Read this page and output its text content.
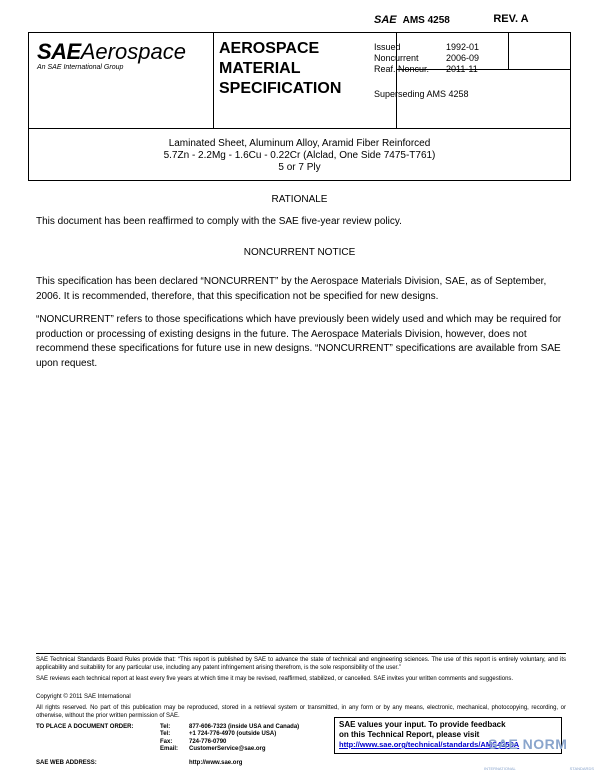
SAEAerospace
An SAE International Group
AEROSPACE
MATERIAL
SPECIFICATION
SAE AMS 4258	REV. A
Issued	1992-01
Noncurrent	2006-09
Reaf. Noncur.	2011-11
Superseding AMS 4258
Laminated Sheet, Aluminum Alloy, Aramid Fiber Reinforced
5.7Zn - 2.2Mg - 1.6Cu - 0.22Cr (Alclad, One Side 7475-T761)
5 or 7 Ply
RATIONALE

This document has been reaffirmed to comply with the SAE five-year review policy.

NONCURRENT NOTICE

This specification has been declared “NONCURRENT” by the Aerospace Materials Division, SAE, as of September, 2006. It is recommended, therefore, that this specification not be specified for new designs.

“NONCURRENT” refers to those specifications which have previously been widely used and which may be required for production or processing of existing designs in the future. The Aerospace Materials Division, however, does not recommend these specifications for future use in new designs. “NONCURRENT” specifications are available from SAE upon request.

SAE Technical Standards Board Rules provide that: “This report is published by SAE to advance the state of technical and engineering sciences. The use of this report is entirely voluntary, and its applicability and suitability for any particular use, including any patent infringement arising therefrom, is the sole responsibility of the user.”

SAE reviews each technical report at least every five years at which time it may be revised, reaffirmed, stabilized, or cancelled. SAE invites your written comments and suggestions.

Copyright © 2011 SAE International

All rights reserved. No part of this publication may be reproduced, stored in a retrieval system or transmitted, in any form or by any means, electronic, mechanical, photocopying, recording, or otherwise, without the prior written permission of SAE.

TO PLACE A DOCUMENT ORDER:	Tel:	877-606-7323 (inside USA and Canada)
Tel:	+1 724-776-4970 (outside USA)
Fax:	724-776-0790
Email:	CustomerService@sae.org
SAE WEB ADDRESS:	http://www.sae.org
SAE values your input. To provide feedback
on this Technical Report, please visit
http://www.sae.org/technical/standards/AMS4258A
SAE NORM
INTERNATIONAL	STANDARDS
